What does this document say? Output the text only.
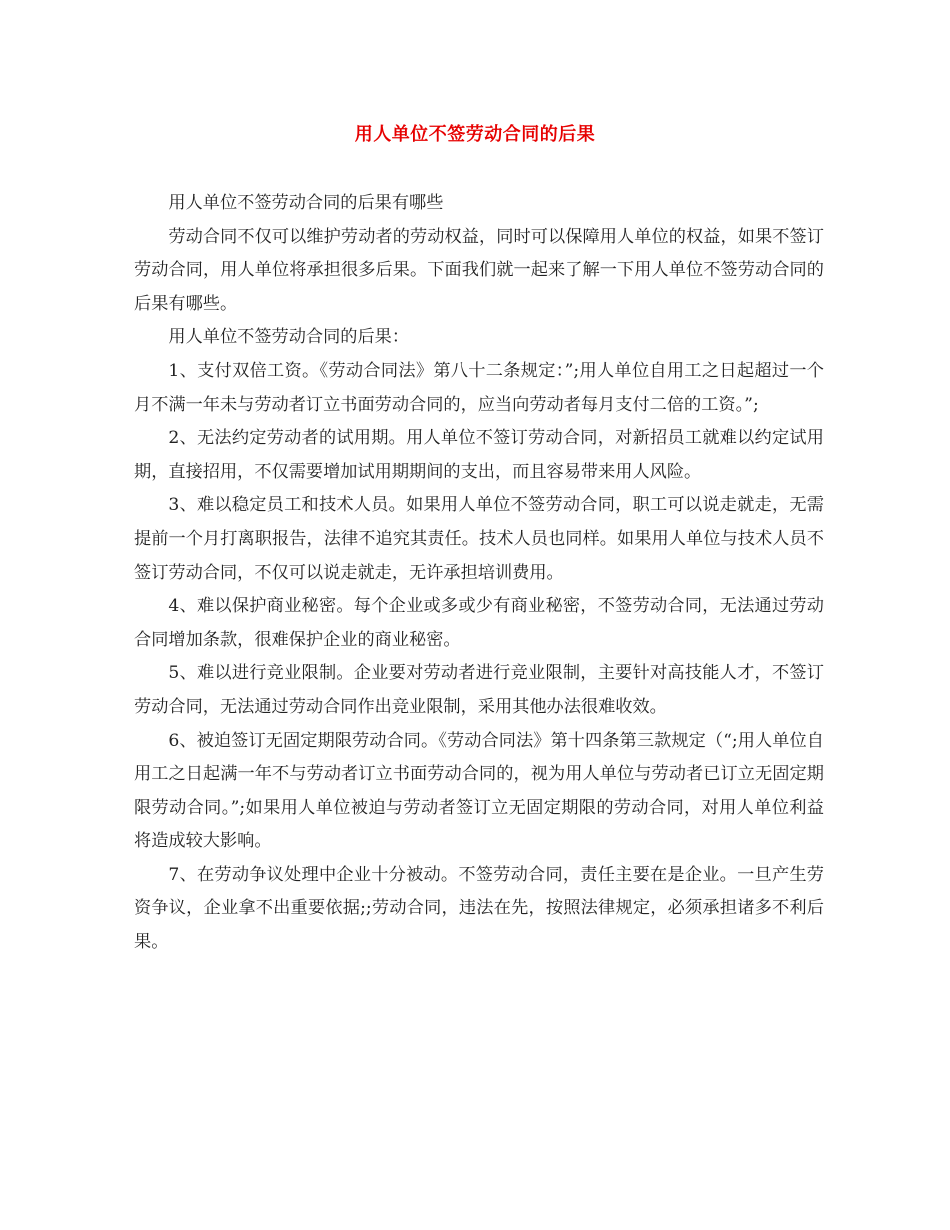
用人单位不签劳动合同的后果

用人单位不签劳动合同的后果有哪些

劳动合同不仅可以维护劳动者的劳动权益，同时可以保障用人单位的权益，如果不签订劳动合同，用人单位将承担很多后果。下面我们就一起来了解一下用人单位不签劳动合同的后果有哪些。

用人单位不签劳动合同的后果：

1、支付双倍工资。《劳动合同法》第八十二条规定：”;用人单位自用工之日起超过一个月不满一年未与劳动者订立书面劳动合同的，应当向劳动者每月支付二倍的工资。”;

2、无法约定劳动者的试用期。用人单位不签订劳动合同，对新招员工就难以约定试用期，直接招用，不仅需要增加试用期期间的支出，而且容易带来用人风险。

3、难以稳定员工和技术人员。如果用人单位不签劳动合同，职工可以说走就走，无需提前一个月打离职报告，法律不追究其责任。技术人员也同样。如果用人单位与技术人员不签订劳动合同，不仅可以说走就走，无许承担培训费用。

4、难以保护商业秘密。每个企业或多或少有商业秘密，不签劳动合同，无法通过劳动合同增加条款，很难保护企业的商业秘密。

5、难以进行竞业限制。企业要对劳动者进行竞业限制，主要针对高技能人才，不签订劳动合同，无法通过劳动合同作出竞业限制，采用其他办法很难收效。

6、被迫签订无固定期限劳动合同。《劳动合同法》第十四条第三款规定（“;用人单位自用工之日起满一年不与劳动者订立书面劳动合同的，视为用人单位与劳动者已订立无固定期限劳动合同。”;如果用人单位被迫与劳动者签订立无固定期限的劳动合同，对用人单位利益将造成较大影响。

7、在劳动争议处理中企业十分被动。不签劳动合同，责任主要在是企业。一旦产生劳资争议，企业拿不出重要依据;;劳动合同，违法在先，按照法律规定，必须承担诸多不利后果。
